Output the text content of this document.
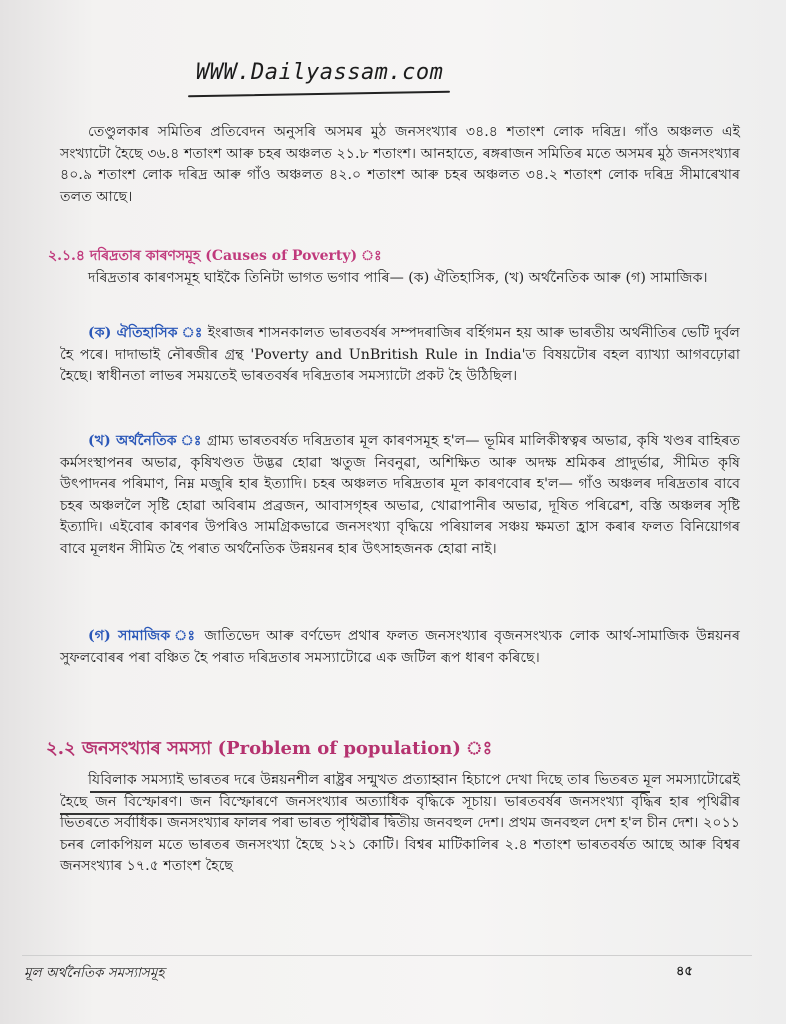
WWW.Dailyassam.com

তেণ্ডুলকাৰ সমিতিৰ প্ৰতিবেদন অনুসৰি অসমৰ মুঠ জনসংখ্যাৰ ৩৪.৪ শতাংশ লোক দৰিদ্ৰ। গাঁও অঞ্চলত এই সংখ্যাটো হৈছে ৩৬.৪ শতাংশ আৰু চহৰ অঞ্চলত ২১.৮ শতাংশ। আনহাতে, ৰঙ্গৰাজন সমিতিৰ মতে অসমৰ মুঠ জনসংখ্যাৰ ৪০.৯ শতাংশ লোক দৰিদ্ৰ আৰু গাঁও অঞ্চলত ৪২.০ শতাংশ আৰু চহৰ অঞ্চলত ৩৪.২ শতাংশ লোক দৰিদ্ৰ সীমাৰেখাৰ তলত আছে।

২.১.৪ দৰিদ্ৰতাৰ কাৰণসমূহ (Causes of Poverty) ঃ

দৰিদ্ৰতাৰ কাৰণসমূহ ঘাইকৈ তিনিটা ভাগত ভগাব পাৰি— (ক) ঐতিহাসিক, (খ) অৰ্থনৈতিক আৰু (গ) সামাজিক।

(ক) ঐতিহাসিক ঃ ইংৰাজৰ শাসনকালত ভাৰতবৰ্ষৰ সম্পদৰাজিৰ বৰ্হিগমন হয় আৰু ভাৰতীয় অৰ্থনীতিৰ ভেটি দুৰ্বল হৈ পৰে। দাদাভাই নৌৰজীৰ গ্ৰন্থ 'Poverty and UnBritish Rule in India'ত বিষয়টোৰ বহল ব্যাখ্যা আগবঢ়োৱা হৈছে। স্বাধীনতা লাভৰ সময়তেই ভাৰতবৰ্ষৰ দৰিদ্ৰতাৰ সমস্যাটো প্ৰকট হৈ উঠিছিল।

(খ) অৰ্থনৈতিক ঃ গ্ৰাম্য ভাৰতবৰ্ষত দৰিদ্ৰতাৰ মূল কাৰণসমূহ হ'ল— ভূমিৰ মালিকীস্বত্বৰ অভাৱ, কৃষি খণ্ডৰ বাহিৰত কৰ্মসংস্থাপনৰ অভাৱ, কৃষিখণ্ডত উদ্ভৱ হোৱা ঋতুজ নিবনুৱা, অশিক্ষিত আৰু অদক্ষ শ্ৰমিকৰ প্ৰাদুৰ্ভাৱ, সীমিত কৃষি উৎপাদনৰ পৰিমাণ, নিম্ন মজুৰি হাৰ ইত্যাদি। চহৰ অঞ্চলত দৰিদ্ৰতাৰ মূল কাৰণবোৰ হ'ল— গাঁও অঞ্চলৰ দৰিদ্ৰতাৰ বাবে চহৰ অঞ্চললৈ সৃষ্টি হোৱা অবিৰাম প্ৰব্ৰজন, আবাসগৃহৰ অভাৱ, খোৱাপানীৰ অভাৱ, দূষিত পৰিৱেশ, বস্তি অঞ্চলৰ সৃষ্টি ইত্যাদি। এইবোৰ কাৰণৰ উপৰিও সামগ্ৰিকভাৱে জনসংখ্যা বৃদ্ধিয়ে পৰিয়ালৰ সঞ্চয় ক্ষমতা হ্ৰাস কৰাৰ ফলত বিনিয়োগৰ বাবে মূলধন সীমিত হৈ পৰাত অৰ্থনৈতিক উন্নয়নৰ হাৰ উৎসাহজনক হোৱা নাই।

(গ) সামাজিক ঃ জাতিভেদ আৰু বৰ্ণভেদ প্ৰথাৰ ফলত জনসংখ্যাৰ বৃজনসংখ্যক লোক আৰ্থ-সামাজিক উন্নয়নৰ সুফলবোৰৰ পৰা বঞ্চিত হৈ পৰাত দৰিদ্ৰতাৰ সমস্যাটোৱে এক জটিল ৰূপ ধাৰণ কৰিছে।

২.২ জনসংখ্যাৰ সমস্যা (Problem of population) ঃ

যিবিলাক সমস্যাই ভাৰতৰ দৰে উন্নয়নশীল ৰাষ্ট্ৰৰ সন্মুখত প্ৰত্যাহ্বান হিচাপে দেখা দিছে তাৰ ভিতৰত মূল সমস্যাটোৱেই হৈছে জন বিস্ফোৰণ। জন বিস্ফোৰণে জনসংখ্যাৰ অত্যাধিক বৃদ্ধিকে সূচায়। ভাৰতবৰ্ষৰ জনসংখ্যা বৃদ্ধিৰ হাৰ পৃথিৱীৰ ভিতৰতে সৰ্বাধিক। জনসংখ্যাৰ ফালৰ পৰা ভাৰত পৃথিৱীৰ দ্বিতীয় জনবহুল দেশ। প্ৰথম জনবহুল দেশ হ'ল চীন দেশ। ২০১১ চনৰ লোকপিয়ল মতে ভাৰতৰ জনসংখ্যা হৈছে ১২১ কোটি। বিশ্বৰ মাটিকালিৰ ২.৪ শতাংশ ভাৰতবৰ্ষত আছে আৰু বিশ্বৰ জনসংখ্যাৰ ১৭.৫ শতাংশ হৈছে

মূল অৰ্থনৈতিক সমস্যাসমূহ	৪৫
